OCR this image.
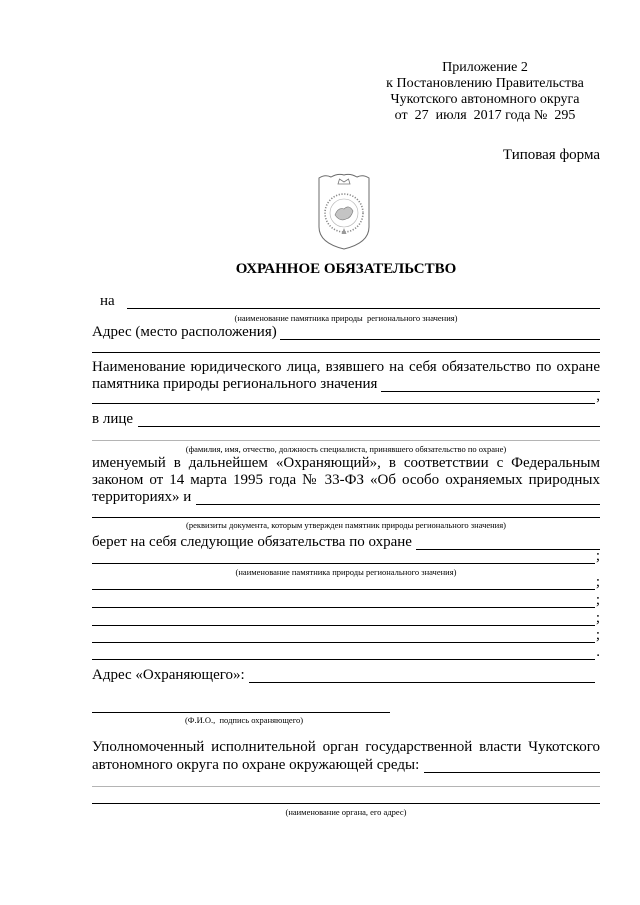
Приложение 2
к Постановлению Правительства
Чукотского автономного округа
от  27  июля  2017 года №  295
Типовая форма
ОХРАННОЕ ОБЯЗАТЕЛЬСТВО
на
(наименование памятника природы  регионального значения)
Адрес (место расположения)
Наименование юридического лица, взявшего на себя обязательство по охране
памятника природы регионального значения
,
в лице
(фамилия, имя, отчество, должность специалиста, принявшего обязательство по охране)
именуемый в дальнейшем «Охраняющий», в соответствии с Федеральным
законом от 14 марта 1995 года № 33-ФЗ «Об особо охраняемых природных
территориях» и
(реквизиты документа, которым утвержден памятник природы регионального значения)
берет на себя следующие обязательства по охране
;
(наименование памятника природы регионального значения)
;
;
;
;
.
Адрес «Охраняющего»:
(Ф.И.О.,  подпись охраняющего)
Уполномоченный исполнительной орган государственной власти Чукотского
автономного округа по охране окружающей среды:
(наименование органа, его адрес)
